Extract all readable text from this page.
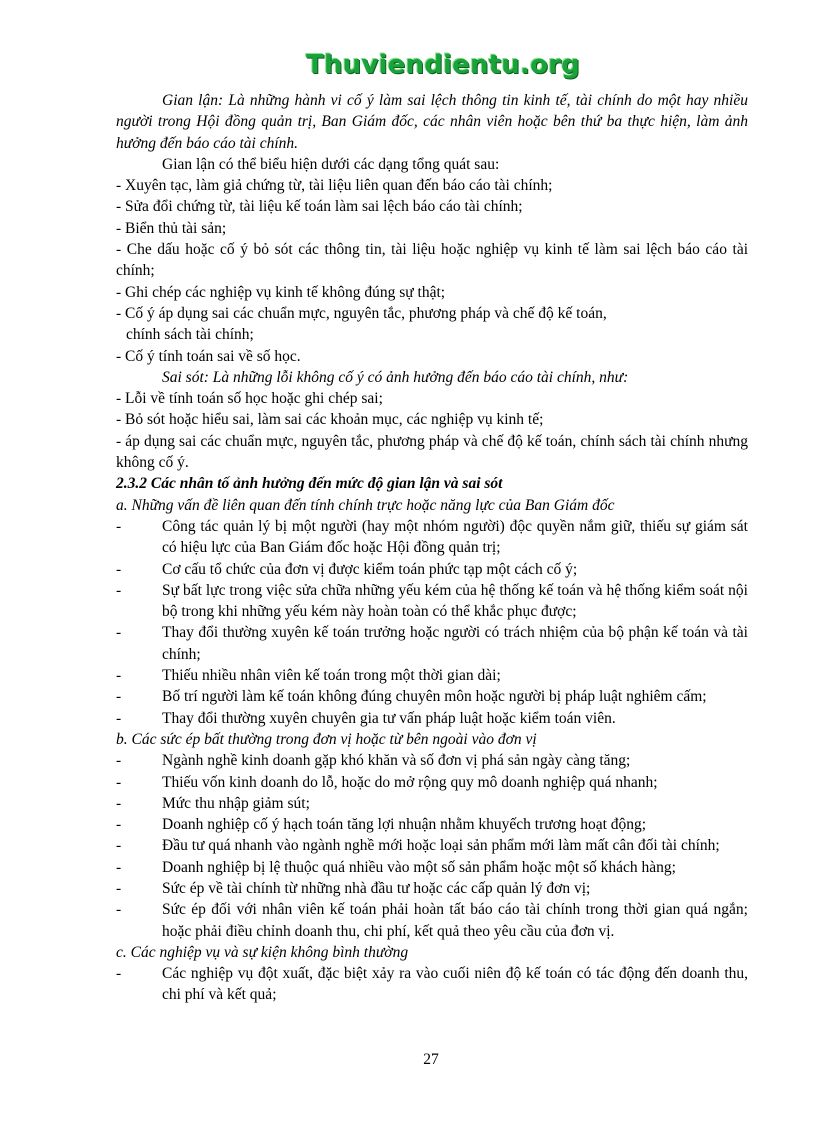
Thuviendientu.org

Gian lận: Là những hành vi cố ý làm sai lệch thông tin kinh tế, tài chính do một hay nhiều người trong Hội đồng quản trị, Ban Giám đốc, các nhân viên hoặc bên thứ ba thực hiện, làm ảnh hưởng đến báo cáo tài chính.

Gian lận có thể biểu hiện dưới các dạng tổng quát sau:

- Xuyên tạc, làm giả chứng từ, tài liệu liên quan đến báo cáo tài chính;

- Sửa đổi chứng từ, tài liệu kế toán làm sai lệch báo cáo tài chính;

- Biển thủ tài sản;

- Che dấu hoặc cố ý bỏ sót các thông tin, tài liệu hoặc nghiệp vụ kinh tế làm sai lệch báo cáo tài chính;

- Ghi chép các nghiệp vụ kinh tế không đúng sự thật;

- Cố ý áp dụng sai các chuẩn mực, nguyên tắc, phương pháp và chế độ kế toán,

chính sách tài chính;

- Cố ý tính toán sai về số học.

Sai sót: Là những lỗi không cố ý có ảnh hưởng đến báo cáo tài chính, như:

- Lỗi về tính toán số học hoặc ghi chép sai;

- Bỏ sót hoặc hiểu sai, làm sai các khoản mục, các nghiệp vụ kinh tế;

- áp dụng sai các chuẩn mực, nguyên tắc, phương pháp và chế độ kế toán, chính sách tài chính nhưng không cố ý.

2.3.2 Các nhân tố ảnh hưởng đến mức độ gian lận và sai sót

a. Những vấn đề liên quan đến tính chính trực hoặc năng lực của Ban Giám đốc

-	Công tác quản lý bị một người (hay một nhóm người) độc quyền nắm giữ, thiếu sự giám sát có hiệu lực của Ban Giám đốc hoặc Hội đồng quản trị;
-	Cơ cấu tổ chức của đơn vị được kiểm toán phức tạp một cách cố ý;
-	Sự bất lực trong việc sửa chữa những yếu kém của hệ thống kế toán và hệ thống kiểm soát nội bộ trong khi những yếu kém này hoàn toàn có thể khắc phục được;
-	Thay đổi thường xuyên kế toán trưởng hoặc người có trách nhiệm của bộ phận kế toán và tài chính;
-	Thiếu nhiều nhân viên kế toán trong một thời gian dài;
-	Bố trí người làm kế toán không đúng chuyên môn hoặc người bị pháp luật nghiêm cấm;
-	Thay đổi thường xuyên chuyên gia tư vấn pháp luật hoặc kiểm toán viên.

b. Các sức ép bất thường trong đơn vị hoặc từ bên ngoài vào đơn vị

-	Ngành nghề kinh doanh gặp khó khăn và số đơn vị phá sản ngày càng tăng;
-	Thiếu vốn kinh doanh do lỗ, hoặc do mở rộng quy mô doanh nghiệp quá nhanh;
-	Mức thu nhập giảm sút;
-	Doanh nghiệp cố ý hạch toán tăng lợi nhuận nhằm khuyếch trương hoạt động;
-	Đầu tư quá nhanh vào ngành nghề mới hoặc loại sản phẩm mới làm mất cân đối tài chính;
-	Doanh nghiệp bị lệ thuộc quá nhiều vào một số sản phẩm hoặc một số khách hàng;
-	Sức ép về tài chính từ những nhà đầu tư hoặc các cấp quản lý đơn vị;
-	Sức ép đối với nhân viên kế toán phải hoàn tất báo cáo tài chính trong thời gian quá ngắn; hoặc phải điều chỉnh doanh thu, chi phí, kết quả theo yêu cầu của đơn vị.

c. Các nghiệp vụ và sự kiện không bình thường

-	Các nghiệp vụ đột xuất, đặc biệt xảy ra vào cuối niên độ kế toán có tác động đến doanh thu, chi phí và kết quả;
27
